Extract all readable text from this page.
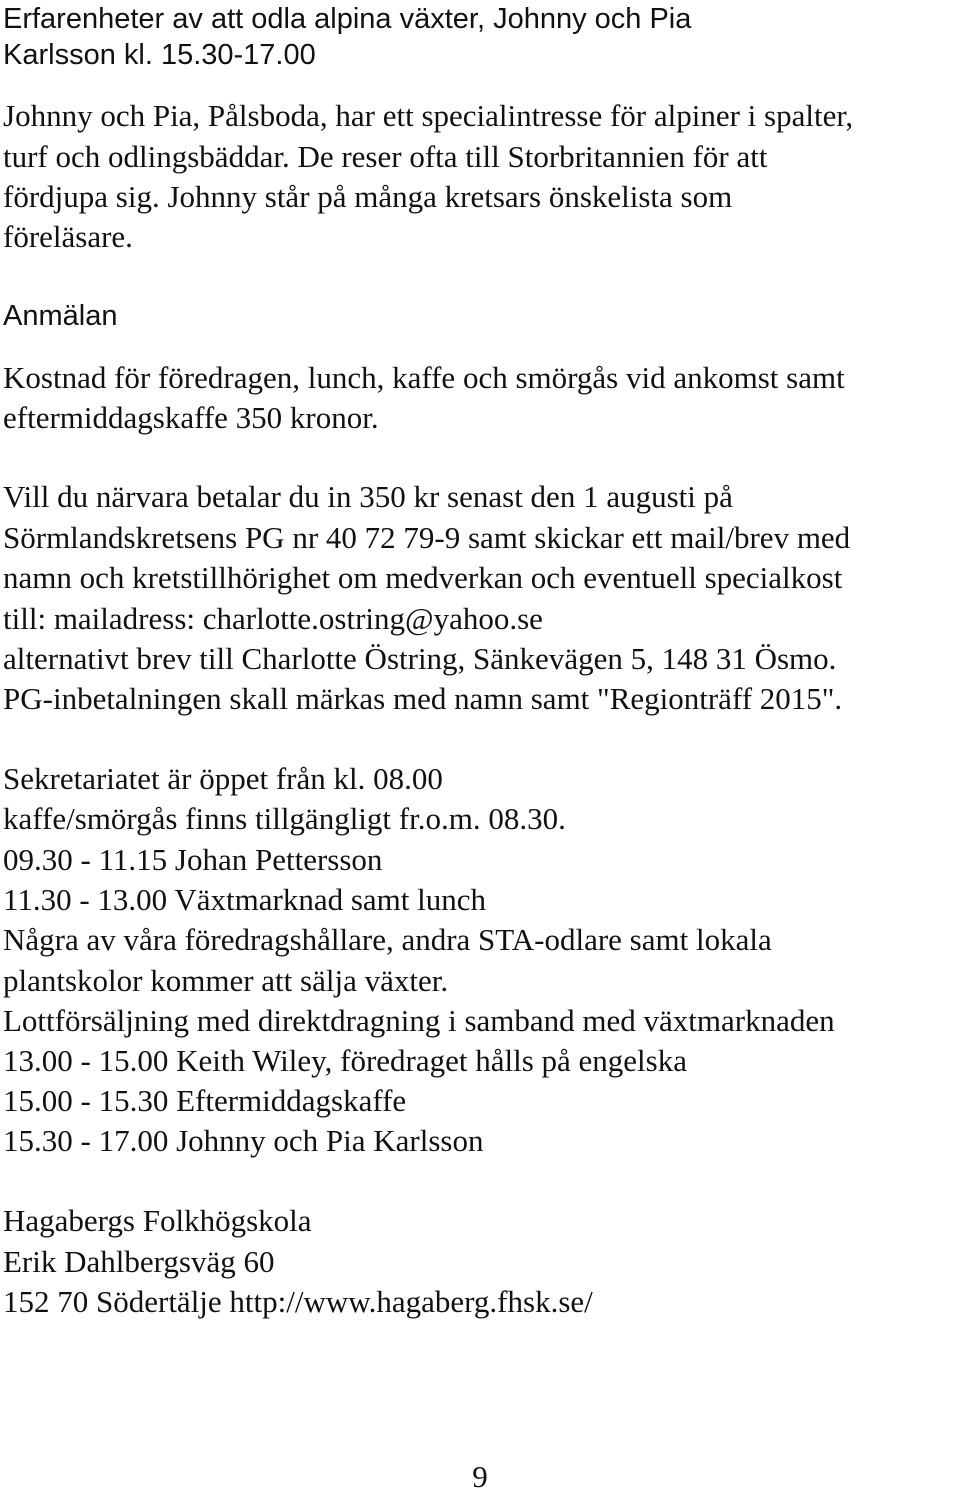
Erfarenheter av att odla alpina växter, Johnny och Pia
Karlsson kl. 15.30-17.00
Johnny och Pia, Pålsboda, har ett specialintresse för alpiner i spalter,
turf och odlingsbäddar. De reser ofta till Storbritannien för att
fördjupa sig. Johnny står på många kretsars önskelista som
föreläsare.
Anmälan
Kostnad för föredragen, lunch, kaffe och smörgås vid ankomst samt
eftermiddagskaffe 350 kronor.
Vill du närvara betalar du in 350 kr senast den 1 augusti på
Sörmlandskretsens PG nr 40 72 79-9 samt skickar ett mail/brev med
namn och kretstillhörighet om medverkan och eventuell specialkost
till: mailadress: charlotte.ostring@yahoo.se
alternativt brev till Charlotte Östring, Sänkevägen 5, 148 31 Ösmo.
PG-inbetalningen skall märkas med namn samt "Regionträff 2015".
Sekretariatet är öppet från kl. 08.00
kaffe/smörgås finns tillgängligt fr.o.m. 08.30.
09.30 - 11.15 Johan Pettersson
11.30 - 13.00 Växtmarknad samt lunch
Några av våra föredragshållare, andra STA-odlare samt lokala
plantskolor kommer att sälja växter.
Lottförsäljning med direktdragning i samband med växtmarknaden
13.00 - 15.00 Keith Wiley, föredraget hålls på engelska
15.00 - 15.30 Eftermiddagskaffe
15.30 - 17.00 Johnny och Pia Karlsson
Hagabergs Folkhögskola
Erik Dahlbergsväg 60
152 70 Södertälje http://www.hagaberg.fhsk.se/
9
